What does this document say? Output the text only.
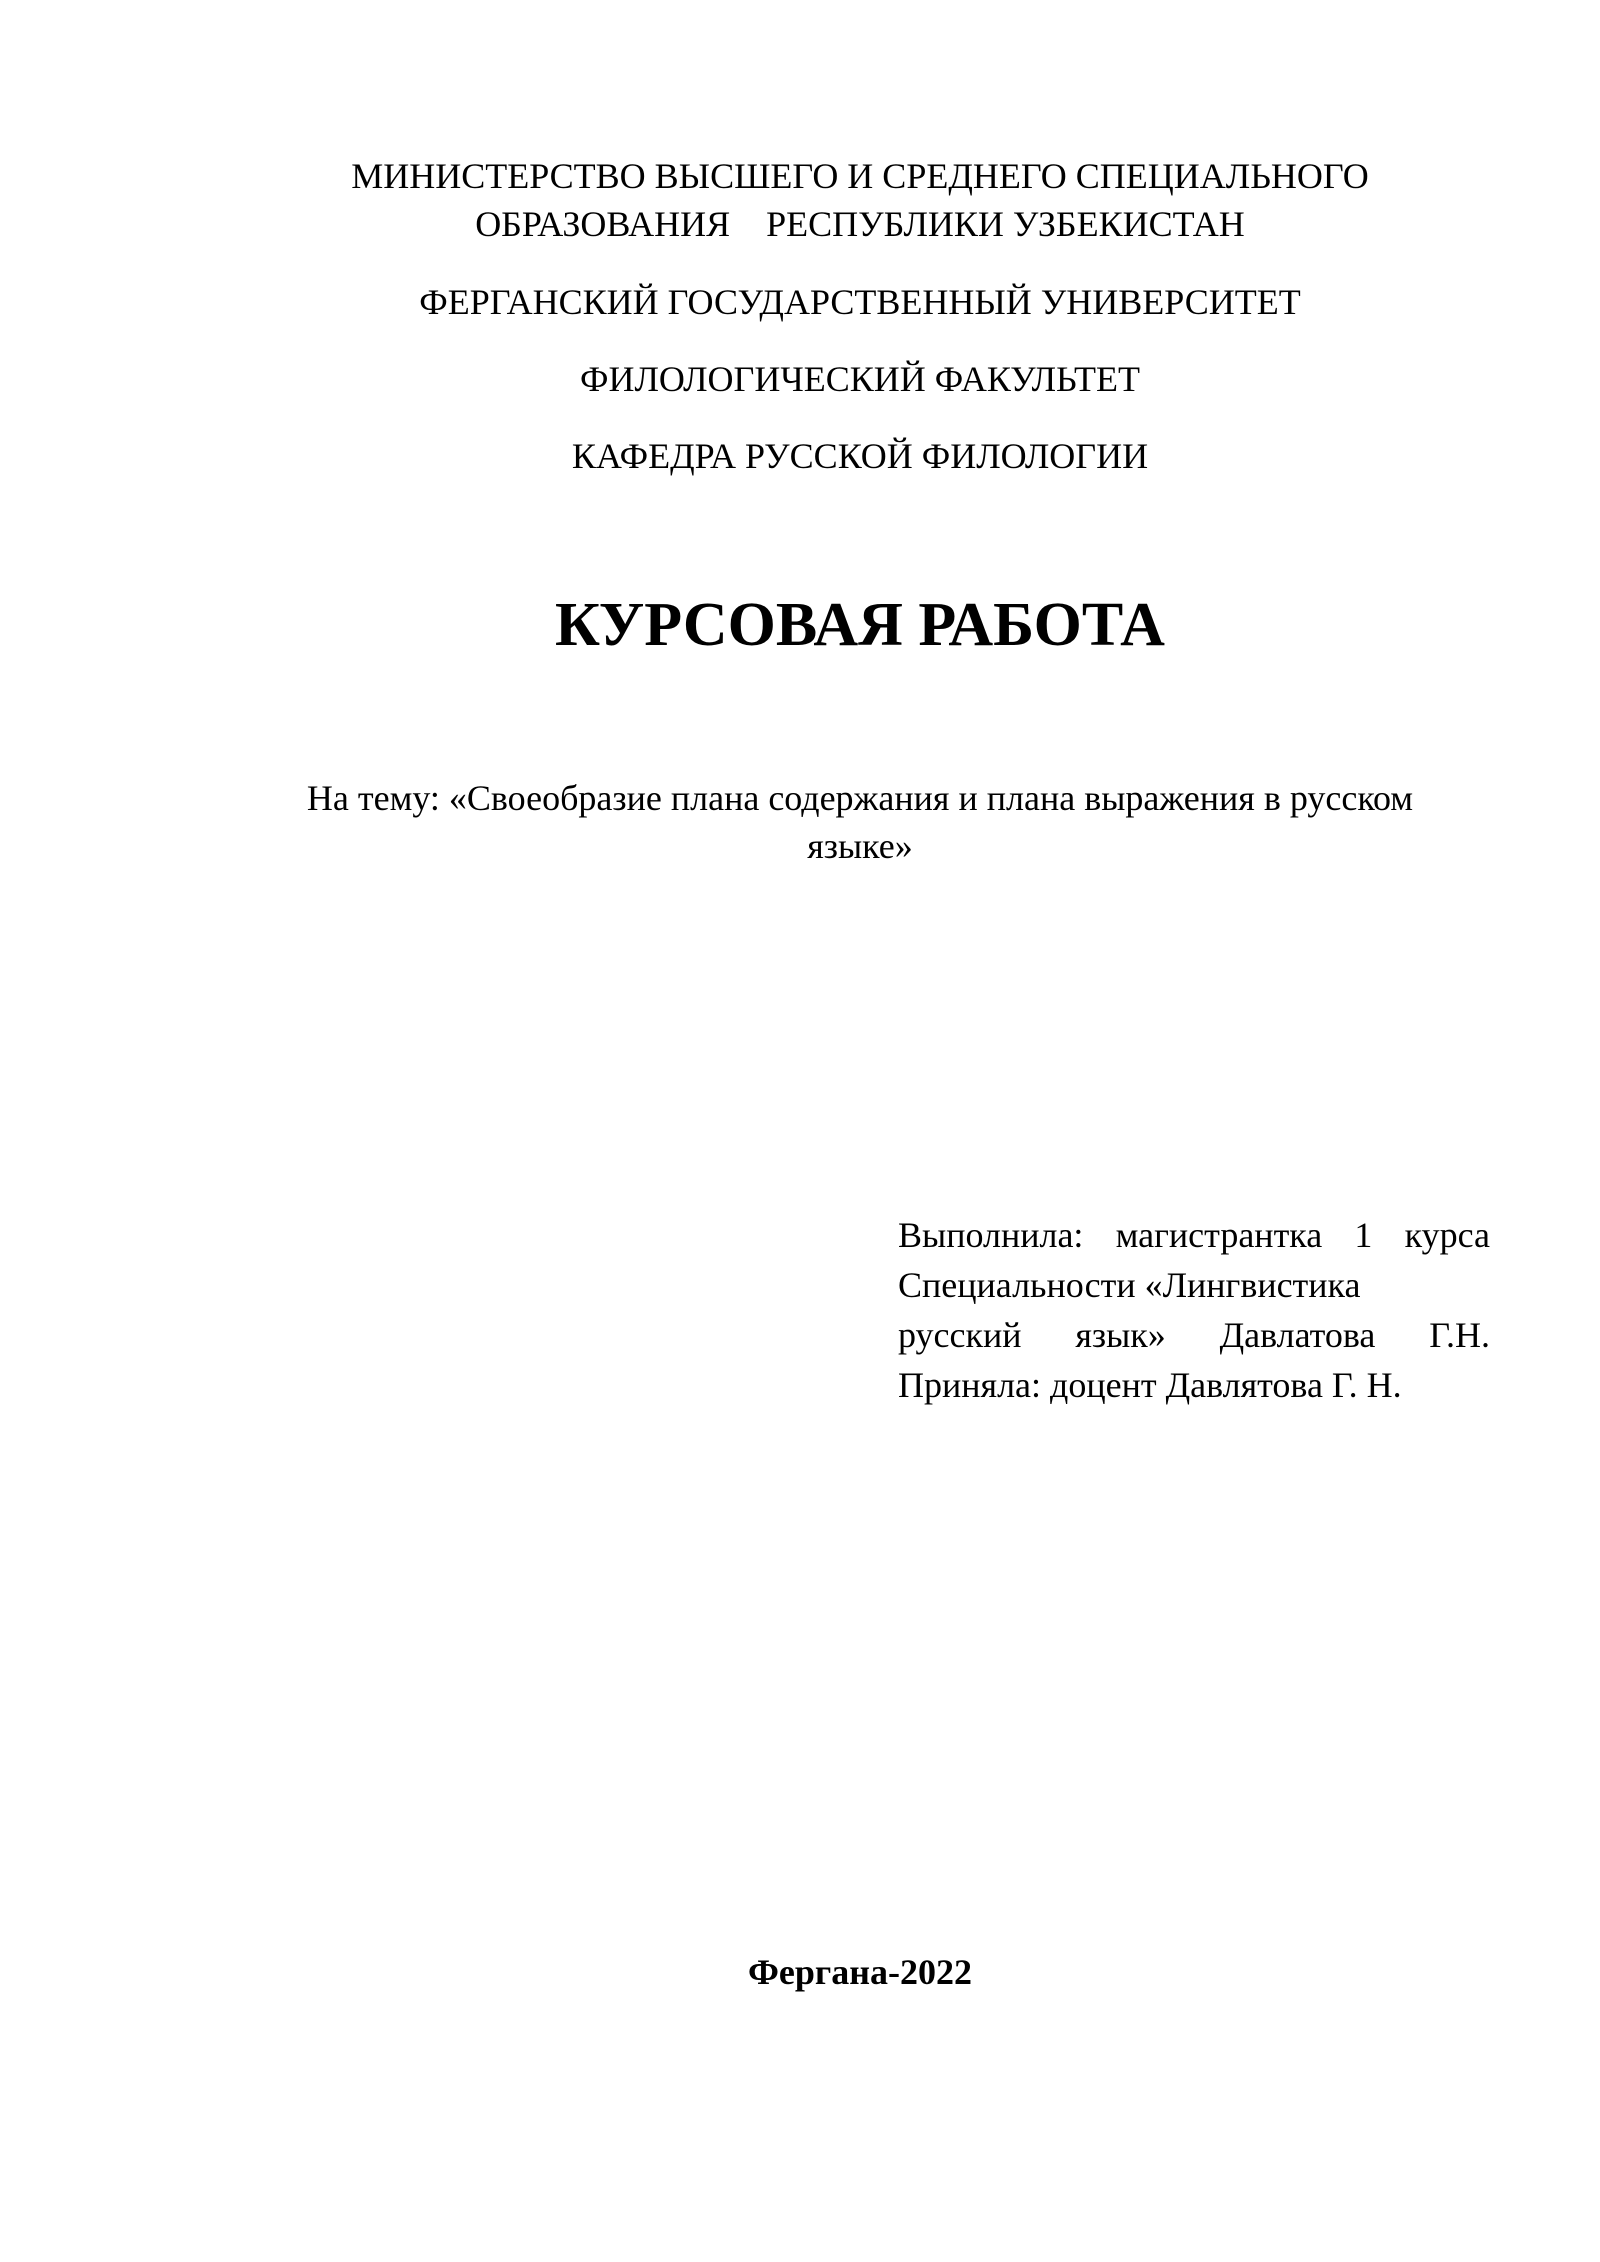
МИНИСТЕРСТВО ВЫСШЕГО И СРЕДНЕГО СПЕЦИАЛЬНОГО
ОБРАЗОВАНИЯ    РЕСПУБЛИКИ УЗБЕКИСТАН

ФЕРГАНСКИЙ ГОСУДАРСТВЕННЫЙ УНИВЕРСИТЕТ

ФИЛОЛОГИЧЕСКИЙ ФАКУЛЬТЕТ

КАФЕДРА РУССКОЙ ФИЛОЛОГИИ

КУРСОВАЯ РАБОТА

На тему: «Своеобразие плана содержания и плана выражения в русском
языке»

Выполнила: магистрантка 1 курса
Специальности «Лингвистика
русский язык» Давлатова Г.Н.
Приняла: доцент Давлятова Г. Н.

Фергана-2022
